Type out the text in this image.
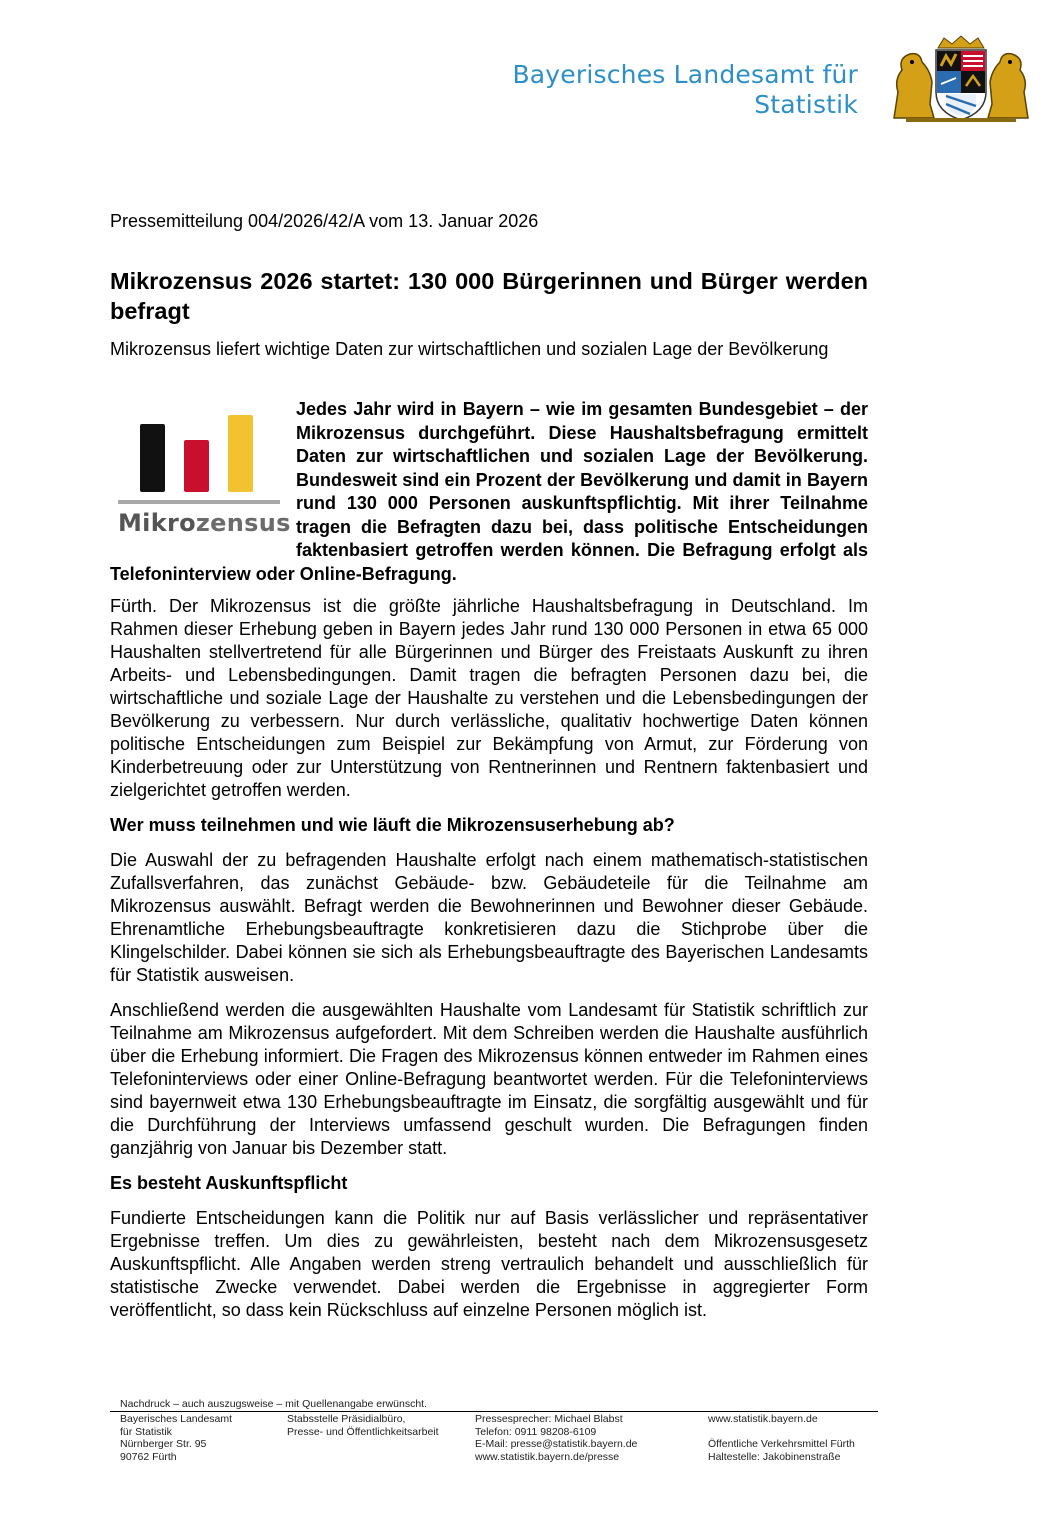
Bayerisches Landesamt für
Statistik
Pressemitteilung 004/2026/42/A vom 13. Januar 2026
Mikrozensus 2026 startet: 130 000 Bürgerinnen und Bürger werden befragt
Mikrozensus liefert wichtige Daten zur wirtschaftlichen und sozialen Lage der Bevölkerung
Mikrozensus
Jedes Jahr wird in Bayern – wie im gesamten Bundesgebiet – der Mikrozensus durchgeführt. Diese Haushaltsbefragung ermittelt Daten zur wirtschaftlichen und sozialen Lage der Bevölkerung. Bundesweit sind ein Prozent der Bevölkerung und damit in Bayern rund 130 000 Personen auskunftspflichtig. Mit ihrer Teilnahme tragen die Befragten dazu bei, dass politische Entscheidungen faktenbasiert getroffen werden können. Die Befragung erfolgt als Telefoninterview oder Online-Befragung.

Fürth. Der Mikrozensus ist die größte jährliche Haushaltsbefragung in Deutschland. Im Rahmen dieser Erhebung geben in Bayern jedes Jahr rund 130 000 Personen in etwa 65 000 Haushalten stellvertretend für alle Bürgerinnen und Bürger des Freistaats Auskunft zu ihren Arbeits- und Lebensbedingungen. Damit tragen die befragten Personen dazu bei, die wirtschaftliche und soziale Lage der Haushalte zu verstehen und die Lebensbedingungen der Bevölkerung zu verbessern. Nur durch verlässliche, qualitativ hochwertige Daten können politische Entscheidungen zum Beispiel zur Bekämpfung von Armut, zur Förderung von Kinderbetreuung oder zur Unterstützung von Rentnerinnen und Rentnern faktenbasiert und zielgerichtet getroffen werden.

Wer muss teilnehmen und wie läuft die Mikrozensuserhebung ab?

Die Auswahl der zu befragenden Haushalte erfolgt nach einem mathematisch-statistischen Zufallsverfahren, das zunächst Gebäude- bzw. Gebäudeteile für die Teilnahme am Mikrozensus auswählt. Befragt werden die Bewohnerinnen und Bewohner dieser Gebäude. Ehrenamtliche Erhebungsbeauftragte konkretisieren dazu die Stichprobe über die Klingelschilder. Dabei können sie sich als Erhebungsbeauftragte des Bayerischen Landesamts für Statistik ausweisen.

Anschließend werden die ausgewählten Haushalte vom Landesamt für Statistik schriftlich zur Teilnahme am Mikrozensus aufgefordert. Mit dem Schreiben werden die Haushalte ausführlich über die Erhebung informiert. Die Fragen des Mikrozensus können entweder im Rahmen eines Telefoninterviews oder einer Online-Befragung beantwortet werden. Für die Telefoninterviews sind bayernweit etwa 130 Erhebungsbeauftragte im Einsatz, die sorgfältig ausgewählt und für die Durchführung der Interviews umfassend geschult wurden. Die Befragungen finden ganzjährig von Januar bis Dezember statt.

Es besteht Auskunftspflicht

Fundierte Entscheidungen kann die Politik nur auf Basis verlässlicher und repräsentativer Ergebnisse treffen. Um dies zu gewährleisten, besteht nach dem Mikrozensusgesetz Auskunftspflicht. Alle Angaben werden streng vertraulich behandelt und ausschließlich für statistische Zwecke verwendet. Dabei werden die Ergebnisse in aggregierter Form veröffentlicht, so dass kein Rückschluss auf einzelne Personen möglich ist.

Nachdruck – auch auszugsweise – mit Quellenangabe erwünscht.
Bayerisches Landesamt
für Statistik
Nürnberger Str. 95
90762 Fürth
Stabsstelle Präsidialbüro,
Presse- und Öffentlichkeitsarbeit
Pressesprecher: Michael Blabst
Telefon: 0911 98208-6109
E-Mail: presse@statistik.bayern.de
www.statistik.bayern.de/presse
www.statistik.bayern.de

Öffentliche Verkehrsmittel Fürth
Haltestelle: Jakobinenstraße
